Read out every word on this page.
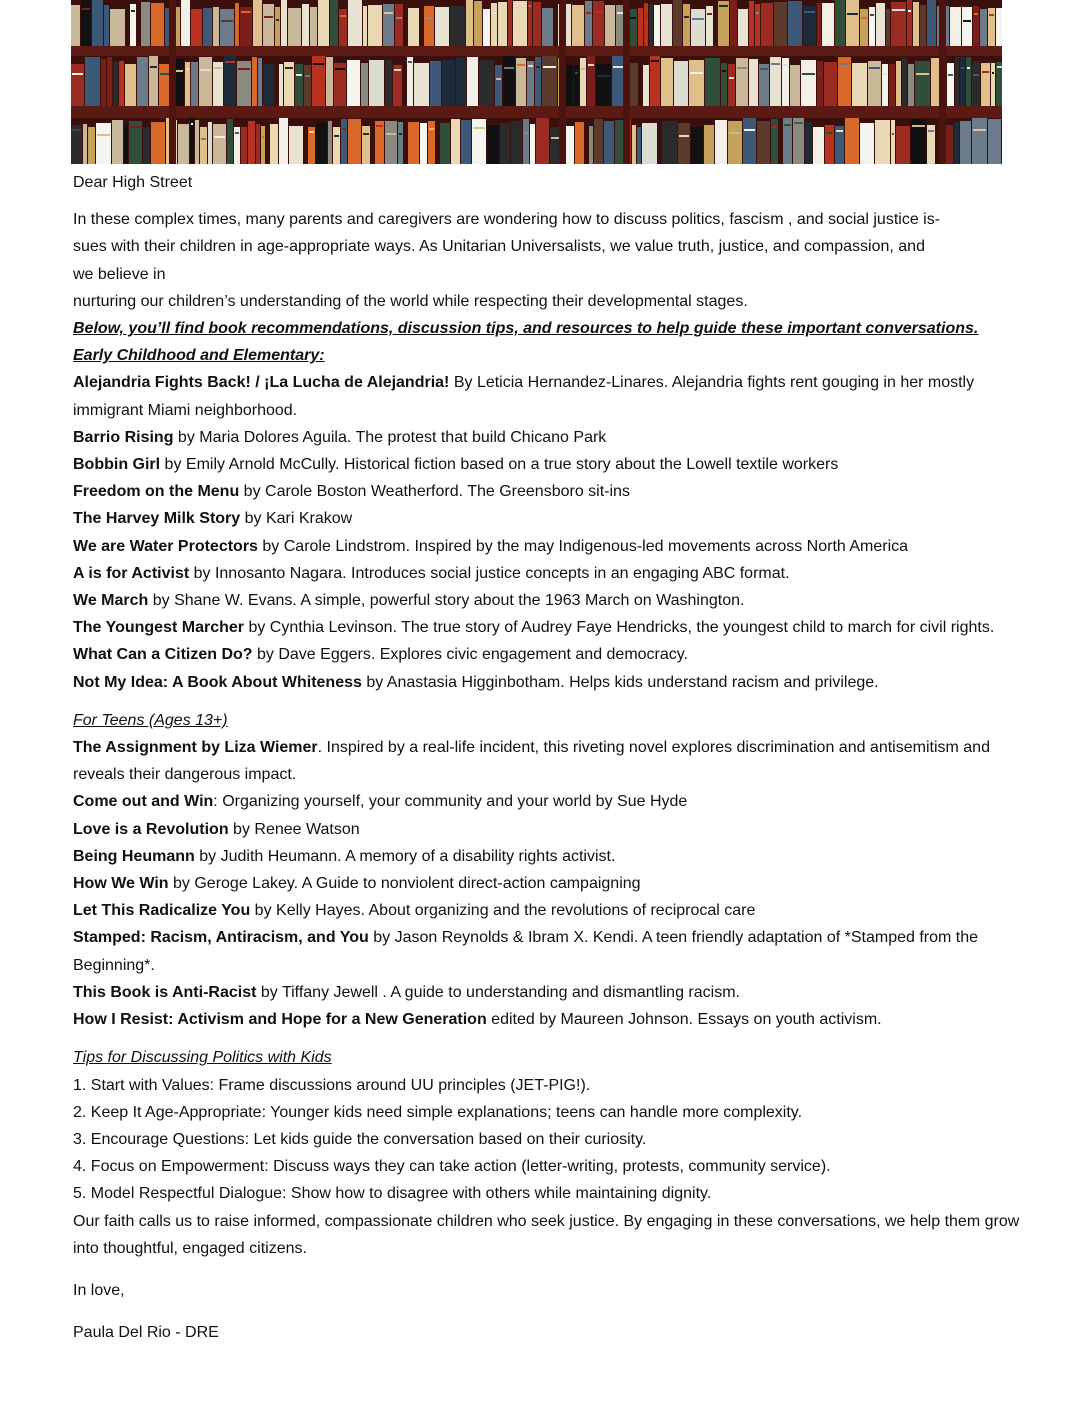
Dear High Street

In these complex times, many parents and caregivers are wondering how to discuss politics, fascism , and social justice is-

sues with their children in age-appropriate ways. As Unitarian Universalists, we value truth, justice, and compassion, and

we believe in

nurturing our children’s understanding of the world while respecting their developmental stages.

Below, you’ll find book recommendations, discussion tips, and resources to help guide these important conversations.

Early Childhood and Elementary:

Alejandria Fights Back! / ¡La Lucha de Alejandria! By Leticia Hernandez-Linares. Alejandria fights rent gouging in her mostly immigrant Miami neighborhood.

Barrio Rising by Maria Dolores Aguila. The protest that build Chicano Park

Bobbin Girl by Emily Arnold McCully. Historical fiction based on a true story about the Lowell textile workers

Freedom on the Menu by Carole Boston Weatherford. The Greensboro sit-ins

The Harvey Milk Story by Kari Krakow

We are Water Protectors by Carole Lindstrom. Inspired by the may Indigenous-led movements across North America

A is for Activist by Innosanto Nagara. Introduces social justice concepts in an engaging ABC format.

We March by Shane W. Evans. A simple, powerful story about the 1963 March on Washington.

The Youngest Marcher by Cynthia Levinson. The true story of Audrey Faye Hendricks, the youngest child to march for civil rights.

What Can a Citizen Do? by Dave Eggers. Explores civic engagement and democracy.

Not My Idea: A Book About Whiteness by Anastasia Higginbotham. Helps kids understand racism and privilege.

For Teens (Ages 13+)

The Assignment by Liza Wiemer. Inspired by a real-life incident, this riveting novel explores discrimination and antisemitism and reveals their dangerous impact.

Come out and Win: Organizing yourself, your community and your world by Sue Hyde

Love is a Revolution by Renee Watson

Being Heumann by Judith Heumann. A memory of a disability rights activist.

How We Win by Geroge Lakey. A Guide to nonviolent direct-action campaigning

Let This Radicalize You by Kelly Hayes. About organizing and the revolutions of reciprocal care

Stamped: Racism, Antiracism, and You by Jason Reynolds & Ibram X. Kendi. A teen friendly adaptation of *Stamped from the Beginning*.

This Book is Anti-Racist by Tiffany Jewell . A guide to understanding and dismantling racism.

How I Resist: Activism and Hope for a New Generation edited by Maureen Johnson. Essays on youth activism.

Tips for Discussing Politics with Kids

1. Start with Values: Frame discussions around UU principles (JET-PIG!).

2. Keep It Age-Appropriate: Younger kids need simple explanations; teens can handle more complexity.

3. Encourage Questions: Let kids guide the conversation based on their curiosity.

4. Focus on Empowerment: Discuss ways they can take action (letter-writing, protests, community service).

5. Model Respectful Dialogue: Show how to disagree with others while maintaining dignity.

Our faith calls us to raise informed, compassionate children who seek justice. By engaging in these conversations, we help them grow into thoughtful, engaged citizens.

In love,

Paula Del Rio - DRE
